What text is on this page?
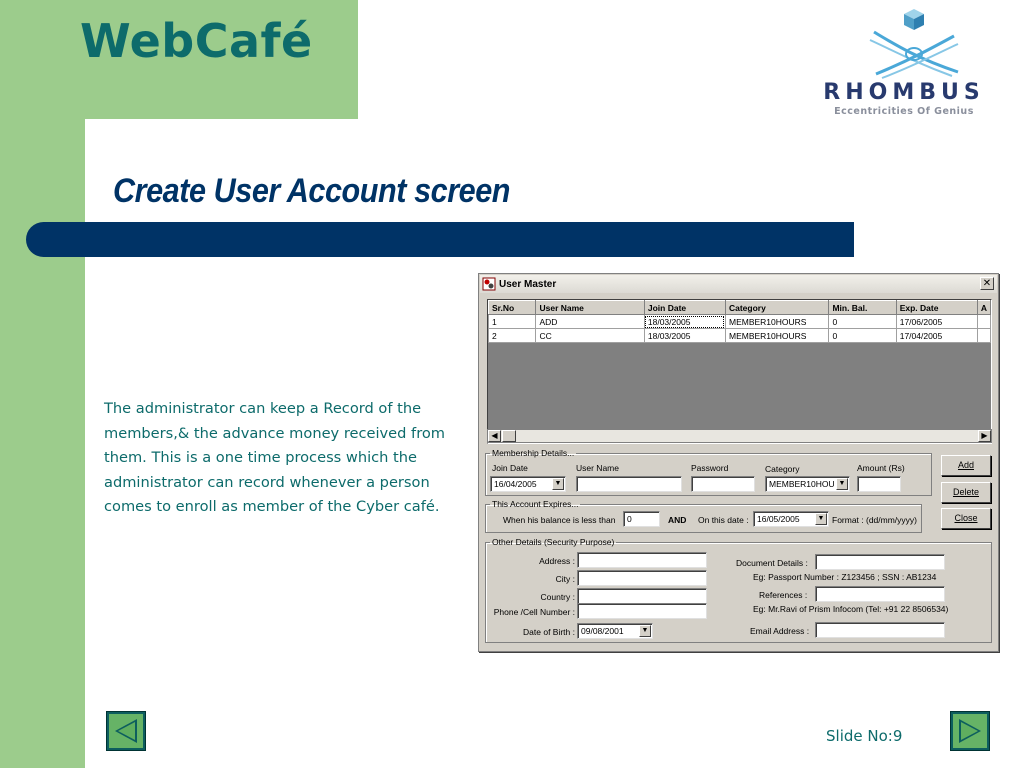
WebCafé
RHOMBUS
Eccentricities Of Genius
Create User Account screen
The administrator can keep a Record of the members,& the advance money received from them. This is a one time process which the administrator can record whenever a person comes to enroll as member of the Cyber café.
User Master	✕
Sr.No	User Name	Join Date	Category	Min. Bal.	Exp. Date	A
1	ADD	18/03/2005	MEMBER10HOURS	0	17/06/2005	
2	CC	18/03/2005	MEMBER10HOURS	0	17/04/2005	
◀	▶
Membership Details...
Join Date
16/04/2005	▼
User Name	Password	Category
MEMBER10HOU ▼
Amount (Rs)
This Account Expires...
When his balance is less than	0	AND On this date : 16/05/2005	▼ Format : (dd/mm/yyyy)
Add
Delete
Close
Other Details (Security Purpose)
Address :
City :
Country :
Phone /Cell Number :
Date of Birth : 09/08/2001	▼
Document Details :
Eg: Passport Number : Z123456 ; SSN : AB1234
References :
Eg: Mr.Ravi of Prism Infocom (Tel: +91 22 8506534)
Email Address :
Slide No:9
